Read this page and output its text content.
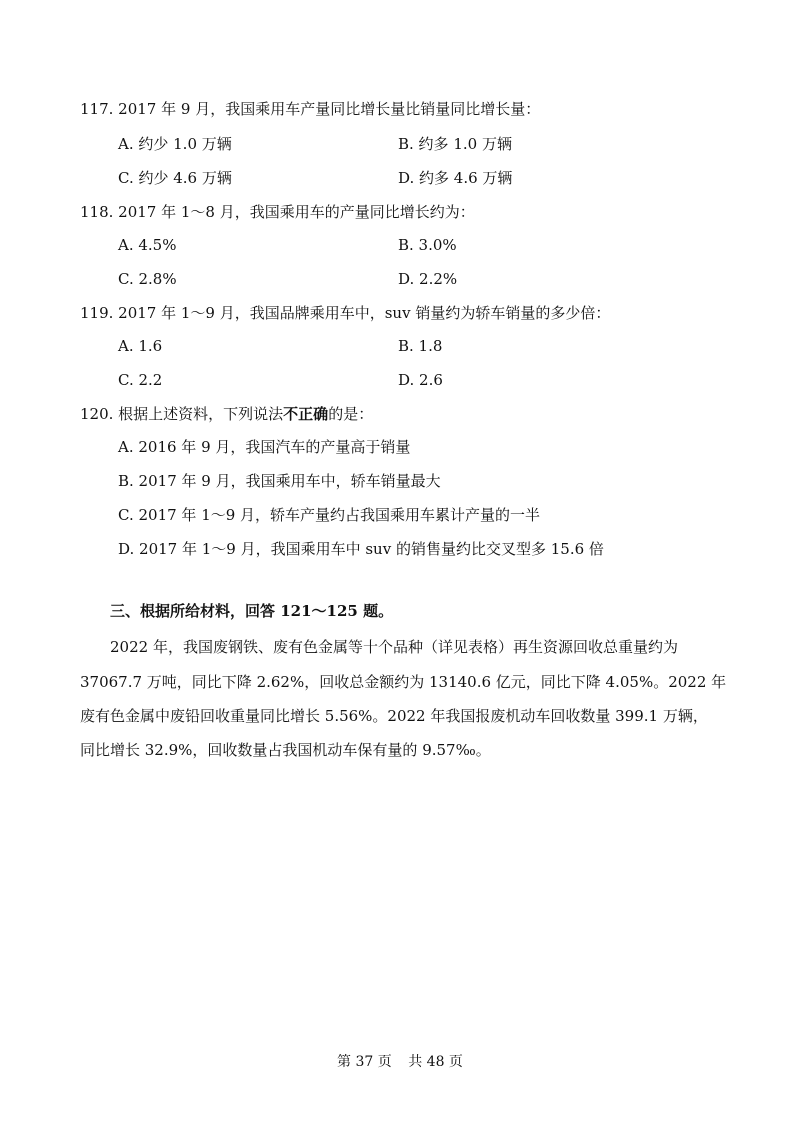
117. 2017 年 9 月，我国乘用车产量同比增长量比销量同比增长量：
A. 约少 1.0 万辆	B. 约多 1.0 万辆
C. 约少 4.6 万辆	D. 约多 4.6 万辆
118. 2017 年 1～8 月，我国乘用车的产量同比增长约为：
A. 4.5%	B. 3.0%
C. 2.8%	D. 2.2%
119. 2017 年 1～9 月，我国品牌乘用车中，suv 销量约为轿车销量的多少倍：
A. 1.6	B. 1.8
C. 2.2	D. 2.6
120. 根据上述资料，下列说法不正确的是：
A. 2016 年 9 月，我国汽车的产量高于销量
B. 2017 年 9 月，我国乘用车中，轿车销量最大
C. 2017 年 1～9 月，轿车产量约占我国乘用车累计产量的一半
D. 2017 年 1～9 月，我国乘用车中 suv 的销售量约比交叉型多 15.6 倍
三、根据所给材料，回答 121～125 题。
2022 年，我国废钢铁、废有色金属等十个品种（详见表格）再生资源回收总重量约为
37067.7 万吨，同比下降 2.62%，回收总金额约为 13140.6 亿元，同比下降 4.05%。2022 年
废有色金属中废铅回收重量同比增长 5.56%。2022 年我国报废机动车回收数量 399.1 万辆，
同比增长 32.9%，回收数量占我国机动车保有量的 9.57‰。
第 37 页 共 48 页
